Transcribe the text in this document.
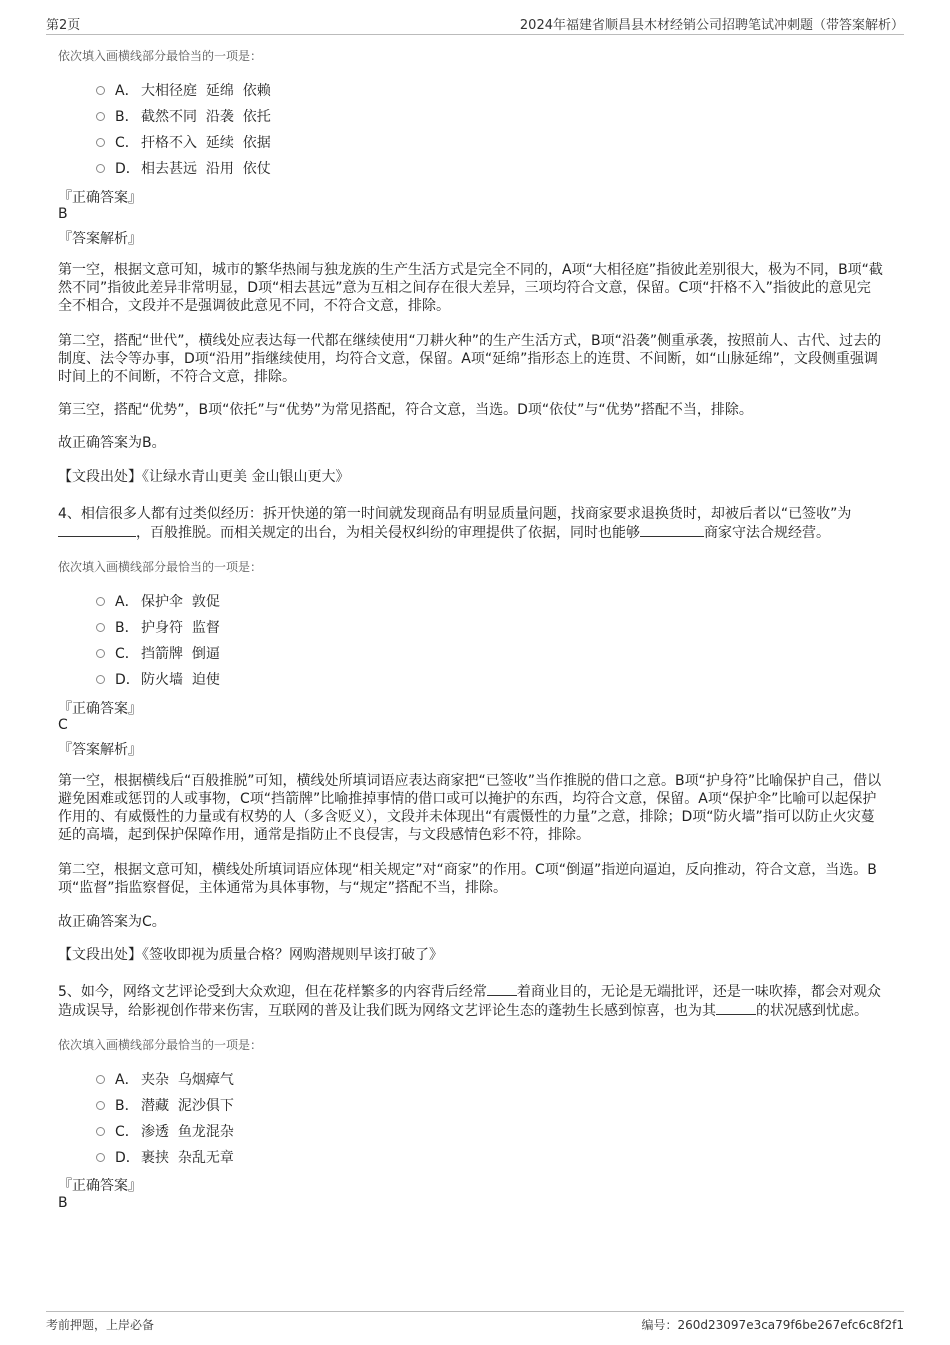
第2页	2024年福建省顺昌县木材经销公司招聘笔试冲刺题（带答案解析）
依次填入画横线部分最恰当的一项是：
A． 大相径庭  延绵  依赖
B． 截然不同  沿袭  依托
C． 扞格不入  延续  依据
D． 相去甚远  沿用  依仗
『正确答案』
B
『答案解析』
第一空，根据文意可知，城市的繁华热闹与独龙族的生产生活方式是完全不同的，A项“大相径庭”指彼此差别很大，极为不同，B项“截然不同”指彼此差异非常明显，D项“相去甚远”意为互相之间存在很大差异，三项均符合文意，保留。C项“扞格不入”指彼此的意见完全不相合，文段并不是强调彼此意见不同，不符合文意，排除。
第二空，搭配“世代”，横线处应表达每一代都在继续使用“刀耕火种”的生产生活方式，B项“沿袭”侧重承袭，按照前人、古代、过去的制度、法令等办事，D项“沿用”指继续使用，均符合文意，保留。A项“延绵”指形态上的连贯、不间断，如“山脉延绵”，文段侧重强调时间上的不间断，不符合文意，排除。
第三空，搭配“优势”，B项“依托”与“优势”为常见搭配，符合文意，当选。D项“依仗”与“优势”搭配不当，排除。
故正确答案为B。
【文段出处】《让绿水青山更美 金山银山更大》
4、相信很多人都有过类似经历：拆开快递的第一时间就发现商品有明显质量问题，找商家要求退换货时，却被后者以“已签收”为，百般推脱。而相关规定的出台，为相关侵权纠纷的审理提供了依据，同时也能够	商家守法合规经营。
依次填入画横线部分最恰当的一项是：
A． 保护伞  敦促
B． 护身符  监督
C． 挡箭牌  倒逼
D． 防火墙  迫使
『正确答案』
C
『答案解析』
第一空，根据横线后“百般推脱”可知，横线处所填词语应表达商家把“已签收”当作推脱的借口之意。B项“护身符”比喻保护自己，借以避免困难或惩罚的人或事物，C项“挡箭牌”比喻推掉事情的借口或可以掩护的东西，均符合文意，保留。A项“保护伞”比喻可以起保护作用的、有威慑性的力量或有权势的人（多含贬义），文段并未体现出“有震慑性的力量”之意，排除；D项“防火墙”指可以防止火灾蔓延的高墙，起到保护保障作用，通常是指防止不良侵害，与文段感情色彩不符，排除。
第二空，根据文意可知，横线处所填词语应体现“相关规定”对“商家”的作用。C项“倒逼”指逆向逼迫，反向推动，符合文意，当选。B项“监督”指监察督促，主体通常为具体事物，与“规定”搭配不当，排除。
故正确答案为C。
【文段出处】《签收即视为质量合格？网购潜规则早该打破了》
5、如今，网络文艺评论受到大众欢迎，但在花样繁多的内容背后经常 着商业目的，无论是无端批评，还是一味吹捧，都会对观众造成误导，给影视创作带来伤害，互联网的普及让我们既为网络文艺评论生态的蓬勃生长感到惊喜，也为其	的状况感到忧虑。
依次填入画横线部分最恰当的一项是：
A． 夹杂  乌烟瘴气
B． 潜藏  泥沙俱下
C． 渗透  鱼龙混杂
D． 裹挟  杂乱无章
『正确答案』
B
考前押题，上岸必备	编号：260d23097e3ca79f6be267efc6c8f2f1
